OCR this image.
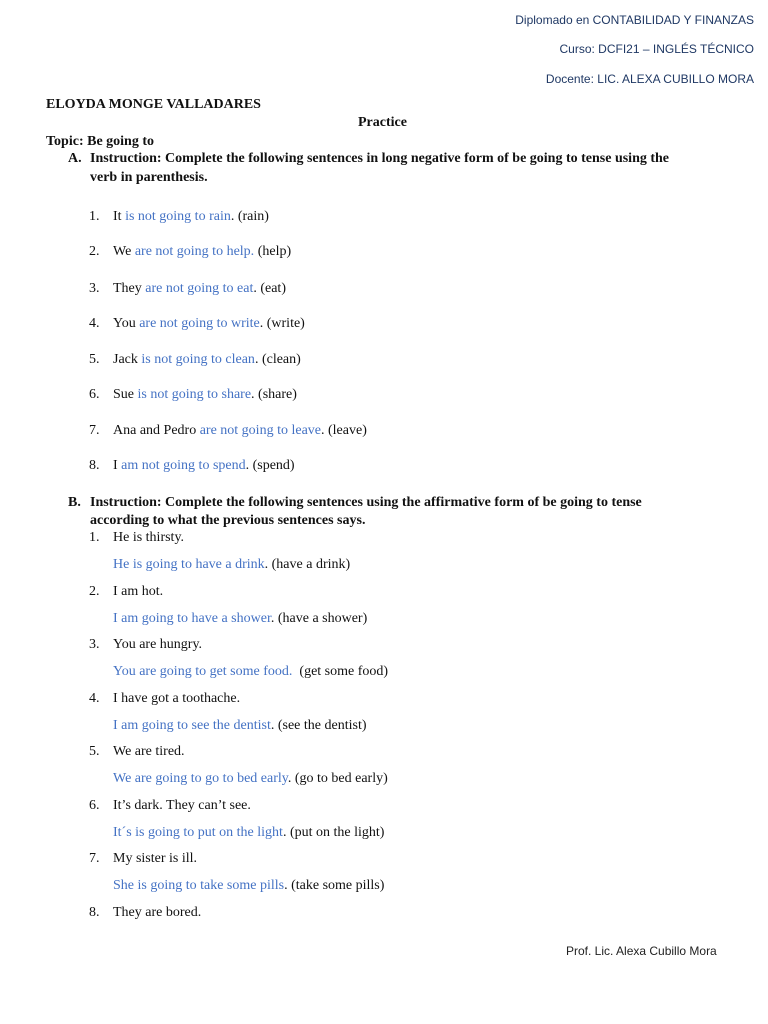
Diplomado en CONTABILIDAD Y FINANZAS
Curso: DCFI21 – INGLÉS TÉCNICO
Docente: LIC. ALEXA CUBILLO MORA
ELOYDA MONGE VALLADARES
Practice
Topic: Be going to
A. Instruction: Complete the following sentences in long negative form of be going to tense using the
verb in parenthesis.
1. It is not going to rain. (rain)
2. We are not going to help. (help)
3. They are not going to eat. (eat)
4. You are not going to write. (write)
5. Jack is not going to clean. (clean)
6. Sue is not going to share. (share)
7. Ana and Pedro are not going to leave. (leave)
8. I am not going to spend. (spend)
B. Instruction: Complete the following sentences using the affirmative form of be going to tense
according to what the previous sentences says.
1. He is thirsty.
He is going to have a drink. (have a drink)
2. I am hot.
I am going to have a shower. (have a shower)
3. You are hungry.
You are going to get some food.  (get some food)
4. I have got a toothache.
I am going to see the dentist. (see the dentist)
5. We are tired.
We are going to go to bed early. (go to bed early)
6. It’s dark. They can’t see.
It´s is going to put on the light. (put on the light)
7. My sister is ill.
She is going to take some pills. (take some pills)
8. They are bored.
Prof. Lic. Alexa Cubillo Mora
